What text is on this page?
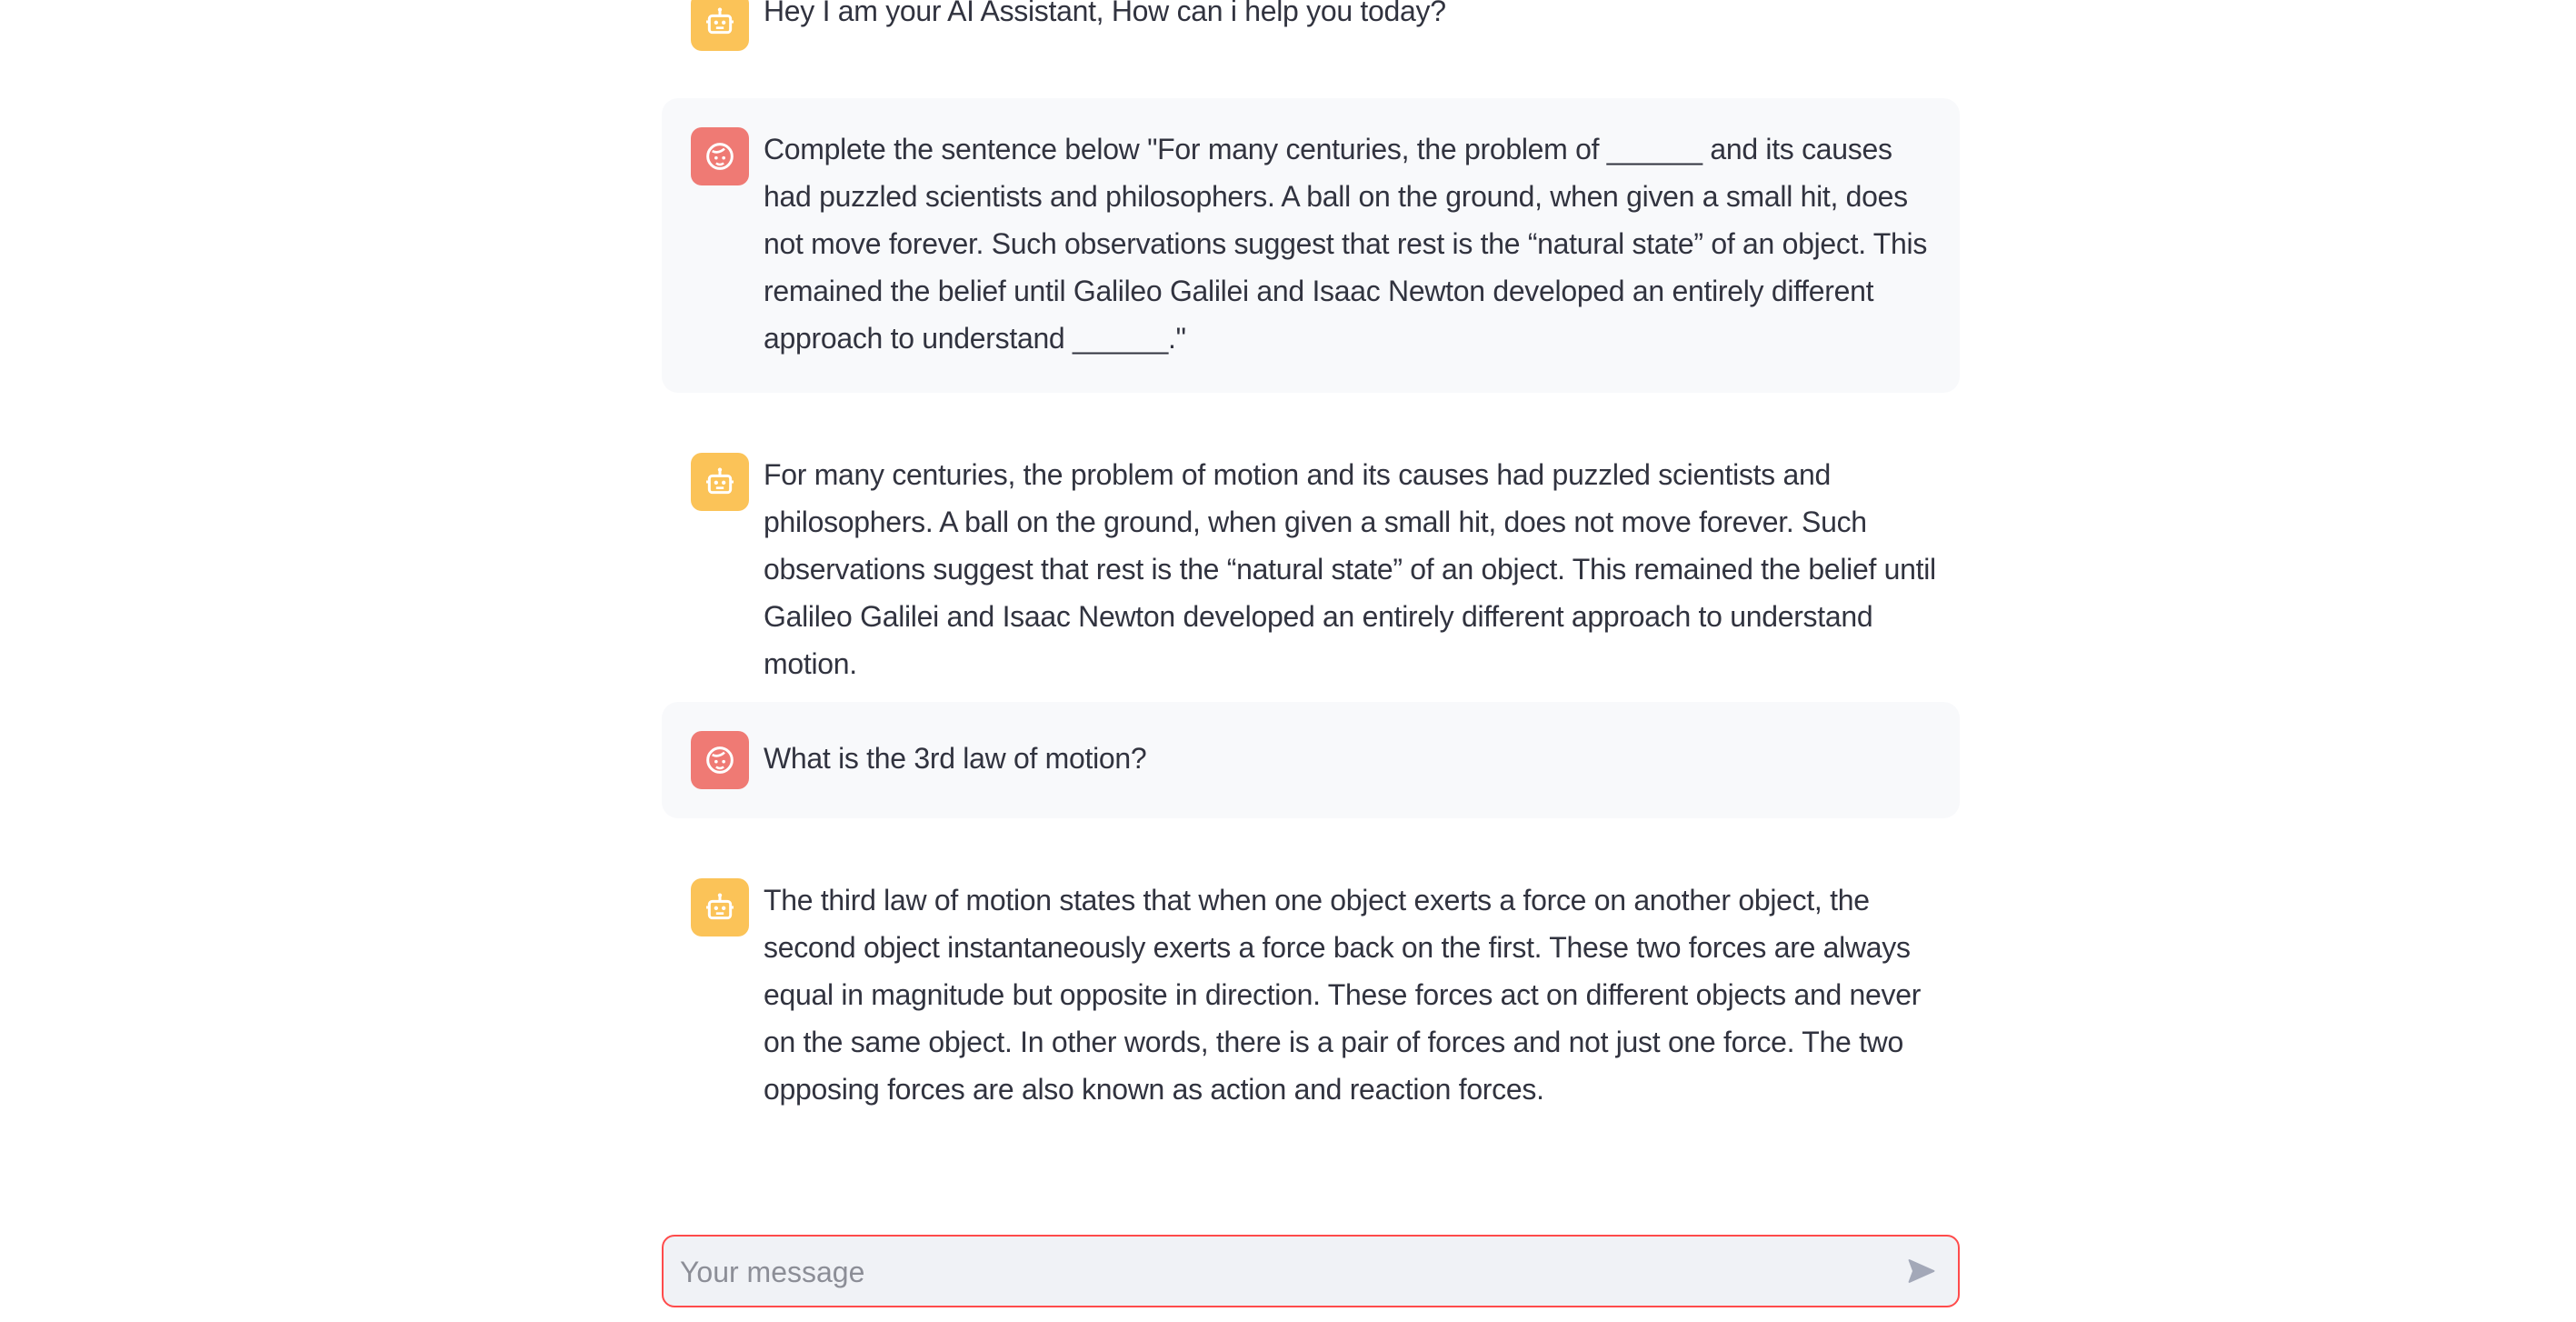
Hey I am your AI Assistant, How can i help you today?
Complete the sentence below "For many centuries, the problem of ______ and its causes had puzzled scientists and philosophers. A ball on the ground, when given a small hit, does not move forever. Such observations suggest that rest is the “natural state” of an object. This remained the belief until Galileo Galilei and Isaac Newton developed an entirely different approach to understand ______."
For many centuries, the problem of motion and its causes had puzzled scientists and philosophers. A ball on the ground, when given a small hit, does not move forever. Such observations suggest that rest is the “natural state” of an object. This remained the belief until Galileo Galilei and Isaac Newton developed an entirely different approach to understand motion.
What is the 3rd law of motion?
The third law of motion states that when one object exerts a force on another object, the second object instantaneously exerts a force back on the first. These two forces are always equal in magnitude but opposite in direction. These forces act on different objects and never on the same object. In other words, there is a pair of forces and not just one force. The two opposing forces are also known as action and reaction forces.
Your message
